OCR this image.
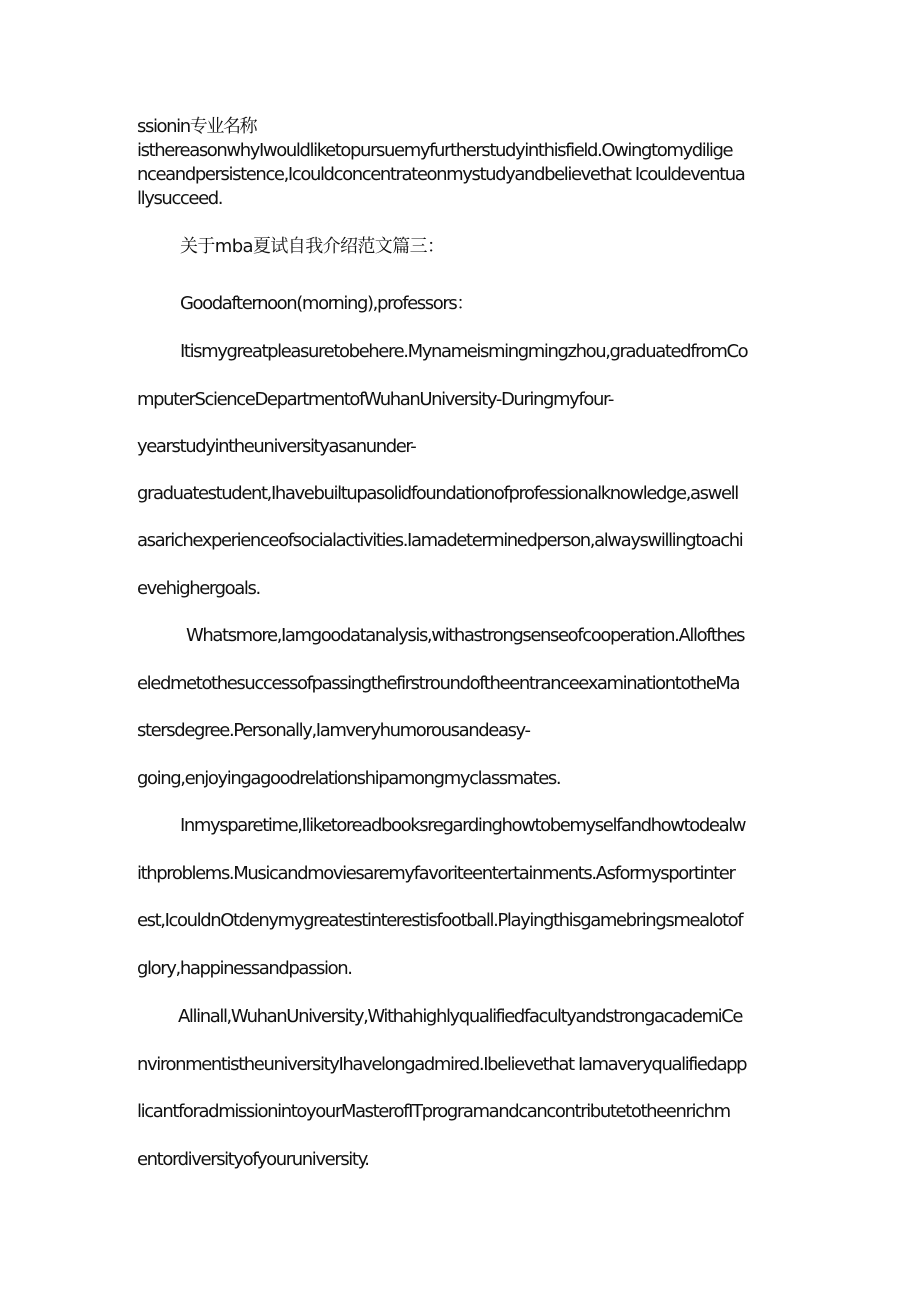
ssionin专业名称

isthereasonwhyIwouldliketopursuemyfurtherstudyinthisfield.Owingtomydilige

nceandpersistence,Icouldconcentrateonmystudyandbelievethat Icouldeventua

llysucceed.

关于mba夏试自我介绍范文篇三：

Goodafternoon(morning),professors：

Itismygreatpleasuretobehere.Mynameismingmingzhou,graduatedfromCo

mputerScienceDepartmentofWuhanUniversity-Duringmyfour-

yearstudyintheuniversityasanunder-

graduatestudent,Ihavebuiltupasolidfoundationofprofessionalknowledge,aswell

asarichexperienceofsocialactivities.Iamadeterminedperson,alwayswillingtoachi

evehighergoals.

Whatsmore,Iamgoodatanalysis,withastrongsenseofcooperation.Allofthes

eledmetothesuccessofpassingthefirstroundoftheentranceexaminationtotheMa

stersdegree.Personally,Iamveryhumorousandeasy-

going,enjoyingagoodrelationshipamongmyclassmates.

Inmysparetime,Iliketoreadbooksregardinghowtobemyselfandhowtodealw

ithproblems.Musicandmoviesaremyfavoriteentertainments.Asformysportinter

est,IcouldnOtdenymygreatestinterestisfootball.Playingthisgamebringsmealotof

glory,happinessandpassion.

Allinall,WuhanUniversity,WithahighlyqualifiedfacultyandstrongacademiCe

nvironmentistheuniversityIhavelongadmired.Ibelievethat Iamaveryqualifiedapp

licantforadmissionintoyourMasterofITprogramandcancontributetotheenrichm

entordiversityofyouruniversity.
